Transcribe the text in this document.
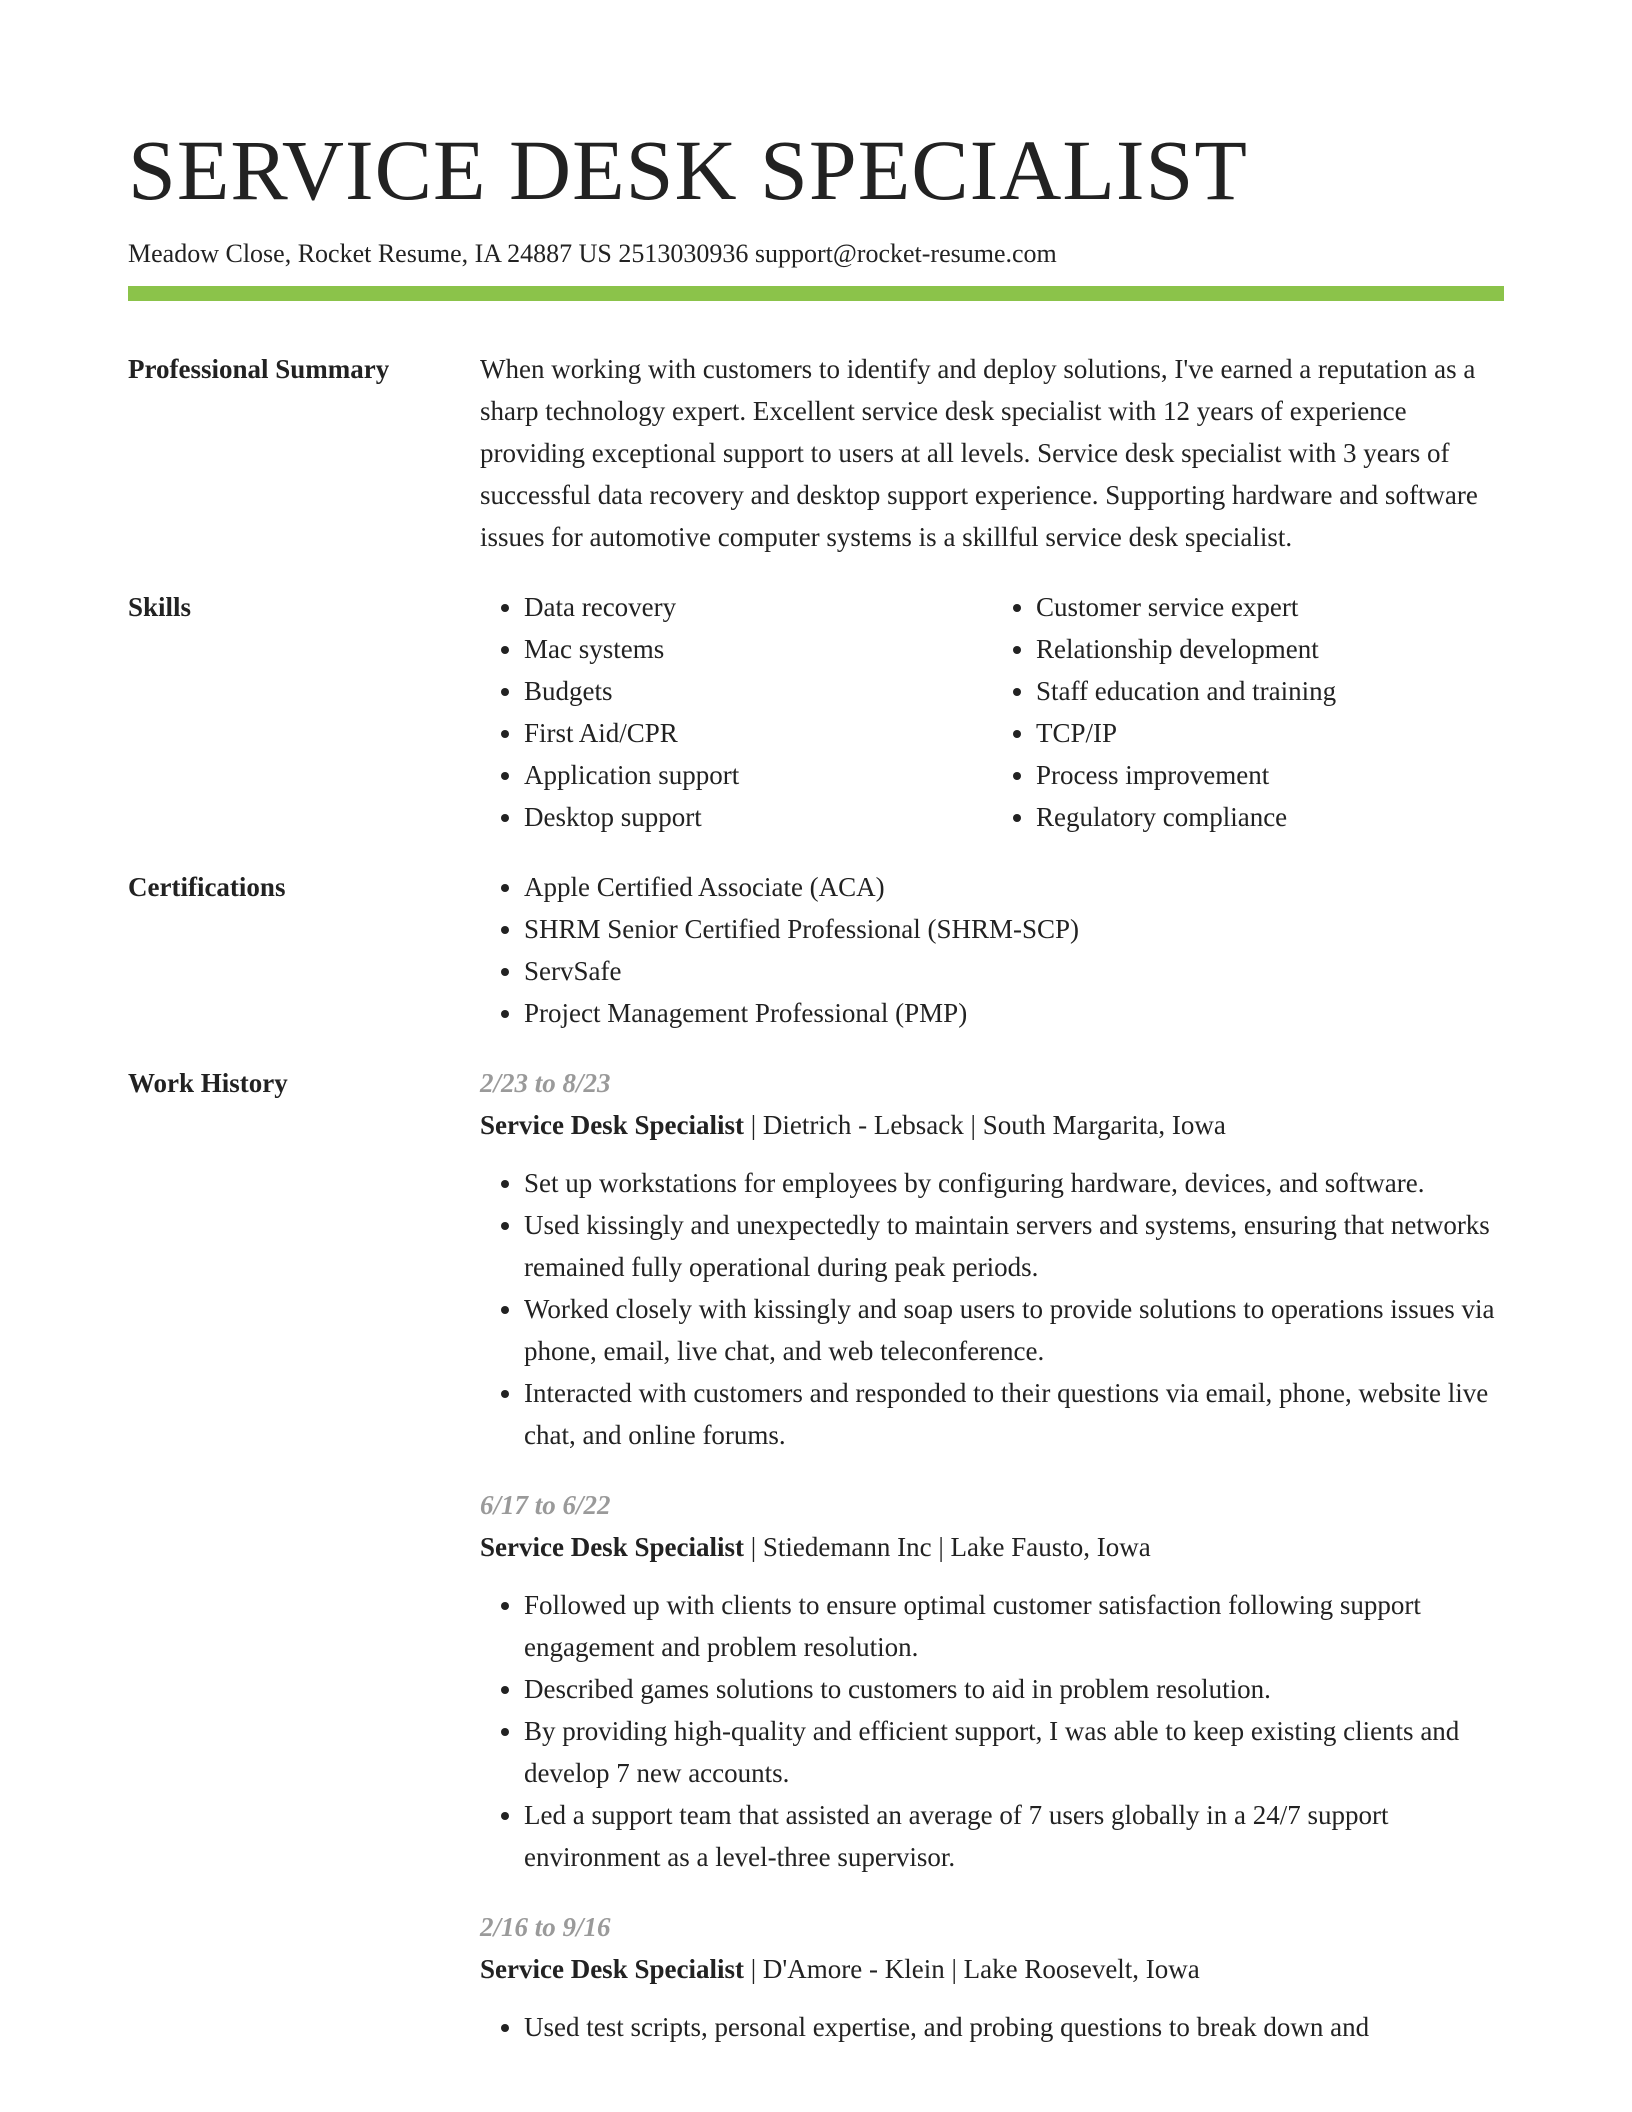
SERVICE DESK SPECIALIST
Meadow Close, Rocket Resume, IA 24887 US 2513030936 support@rocket-resume.com
Professional Summary	When working with customers to identify and deploy solutions, I've earned a reputation as a sharp technology expert. Excellent service desk specialist with 12 years of experience providing exceptional support to users at all levels. Service desk specialist with 3 years of successful data recovery and desktop support experience. Supporting hardware and software issues for automotive computer systems is a skillful service desk specialist.

Skills	• Data recovery
• Mac systems
• Budgets
• First Aid/CPR
• Application support
• Desktop support
• Customer service expert
• Relationship development
• Staff education and training
• TCP/IP
• Process improvement
• Regulatory compliance
Certifications	• Apple Certified Associate (ACA)
• SHRM Senior Certified Professional (SHRM-SCP)
• ServSafe
• Project Management Professional (PMP)
Work History	2/23 to 8/23
Service Desk Specialist | Dietrich - Lebsack | South Margarita, Iowa
• Set up workstations for employees by configuring hardware, devices, and software.
• Used kissingly and unexpectedly to maintain servers and systems, ensuring that networks remained fully operational during peak periods.
• Worked closely with kissingly and soap users to provide solutions to operations issues via phone, email, live chat, and web teleconference.
• Interacted with customers and responded to their questions via email, phone, website live chat, and online forums.
6/17 to 6/22
Service Desk Specialist | Stiedemann Inc | Lake Fausto, Iowa
• Followed up with clients to ensure optimal customer satisfaction following support engagement and problem resolution.
• Described games solutions to customers to aid in problem resolution.
• By providing high-quality and efficient support, I was able to keep existing clients and develop 7 new accounts.
• Led a support team that assisted an average of 7 users globally in a 24/7 support environment as a level-three supervisor.
2/16 to 9/16
Service Desk Specialist | D'Amore - Klein | Lake Roosevelt, Iowa
• Used test scripts, personal expertise, and probing questions to break down and
